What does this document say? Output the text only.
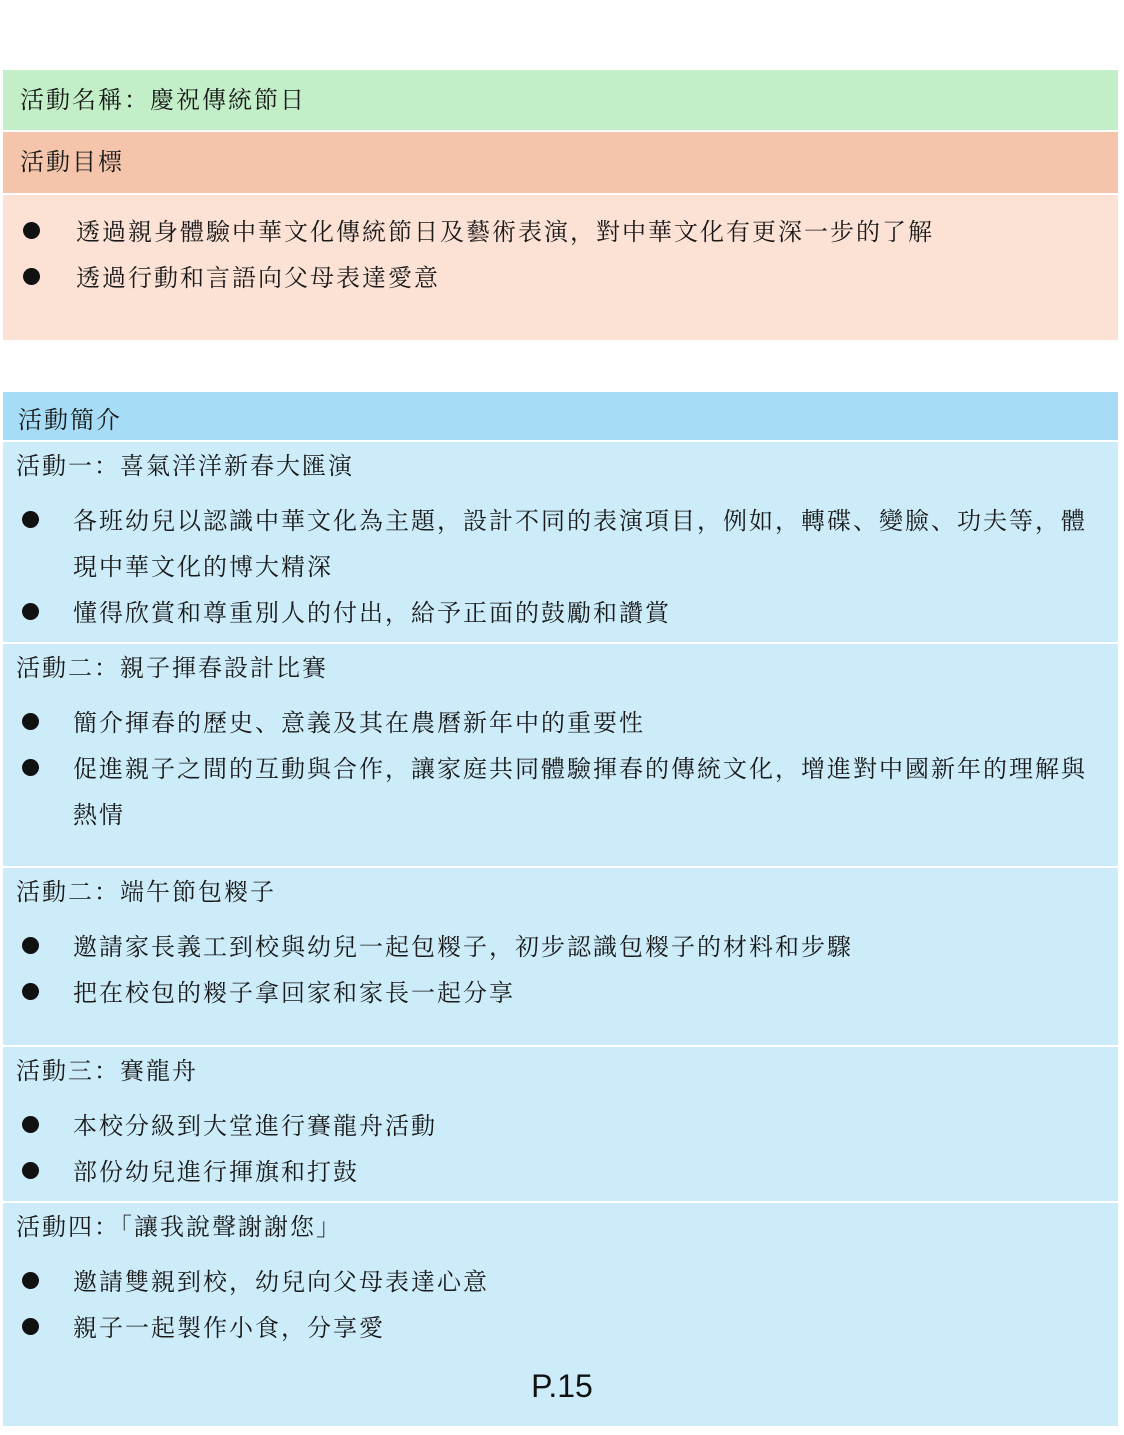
活動名稱：慶祝傳統節日
活動目標
透過親身體驗中華文化傳統節日及藝術表演，對中華文化有更深一步的了解
透過行動和言語向父母表達愛意
活動簡介
活動一：喜氣洋洋新春大匯演
各班幼兒以認識中華文化為主題，設計不同的表演項目，例如，轉碟、變臉、功夫等，體現中華文化的博大精深
懂得欣賞和尊重別人的付出，給予正面的鼓勵和讚賞
活動二：親子揮春設計比賽
簡介揮春的歷史、意義及其在農曆新年中的重要性
促進親子之間的互動與合作，讓家庭共同體驗揮春的傳統文化，增進對中國新年的理解與熱情
活動二：端午節包糉子
邀請家長義工到校與幼兒一起包糉子，初步認識包糉子的材料和步驟
把在校包的糉子拿回家和家長一起分享
活動三：賽龍舟
本校分級到大堂進行賽龍舟活動
部份幼兒進行揮旗和打鼓
活動四：「讓我說聲謝謝您」
邀請雙親到校，幼兒向父母表達心意
親子一起製作小食，分享愛
P.15
